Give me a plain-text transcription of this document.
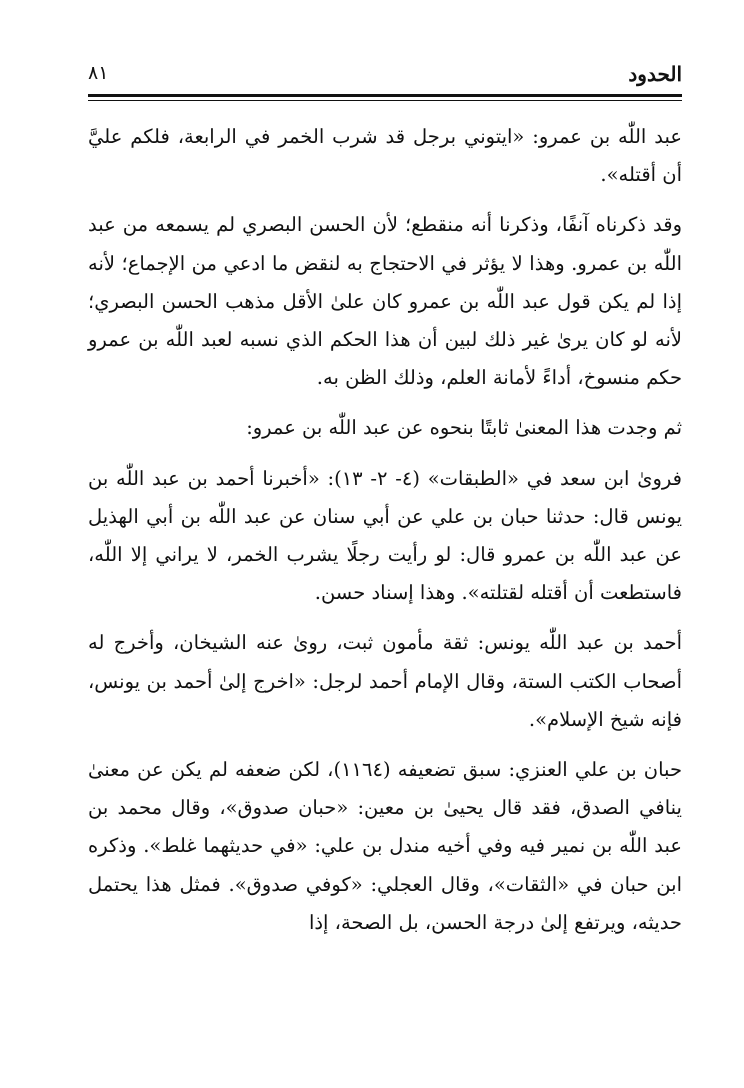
الحدود
٨١

عبد اللّٰه بن عمرو: «ايتوني برجل قد شرب الخمر في الرابعة، فلكم عليَّ أن أقتله».

وقد ذكرناه آنفًا، وذكرنا أنه منقطع؛ لأن الحسن البصري لم يسمعه من عبد اللّٰه بن عمرو. وهذا لا يؤثر في الاحتجاج به لنقض ما ادعي من الإجماع؛ لأنه إذا لم يكن قول عبد اللّٰه بن عمرو كان علىٰ الأقل مذهب الحسن البصري؛ لأنه لو كان يرىٰ غير ذلك لبين أن هذا الحكم الذي نسبه لعبد اللّٰه بن عمرو حكم منسوخ، أداءً لأمانة العلم، وذلك الظن به.

ثم وجدت هذا المعنىٰ ثابتًا بنحوه عن عبد اللّٰه بن عمرو:

فروىٰ ابن سعد في «الطبقات» (٤- ٢- ١٣): «أخبرنا أحمد بن عبد اللّٰه بن يونس قال: حدثنا حبان بن علي عن أبي سنان عن عبد اللّٰه بن أبي الهذيل عن عبد اللّٰه بن عمرو قال: لو رأيت رجلًا يشرب الخمر، لا يراني إلا اللّٰه، فاستطعت أن أقتله لقتلته». وهذا إسناد حسن.

أحمد بن عبد اللّٰه يونس: ثقة مأمون ثبت، روىٰ عنه الشيخان، وأخرج له أصحاب الكتب الستة، وقال الإمام أحمد لرجل: «اخرج إلىٰ أحمد بن يونس، فإنه شيخ الإسلام».

حبان بن علي العنزي: سبق تضعيفه (١١٦٤)، لكن ضعفه لم يكن عن معنىٰ ينافي الصدق، فقد قال يحيىٰ بن معين: «حبان صدوق»، وقال محمد بن عبد اللّٰه بن نمير فيه وفي أخيه مندل بن علي: «في حديثهما غلط». وذكره ابن حبان في «الثقات»، وقال العجلي: «كوفي صدوق». فمثل هذا يحتمل حديثه، ويرتفع إلىٰ درجة الحسن، بل الصحة، إذا
